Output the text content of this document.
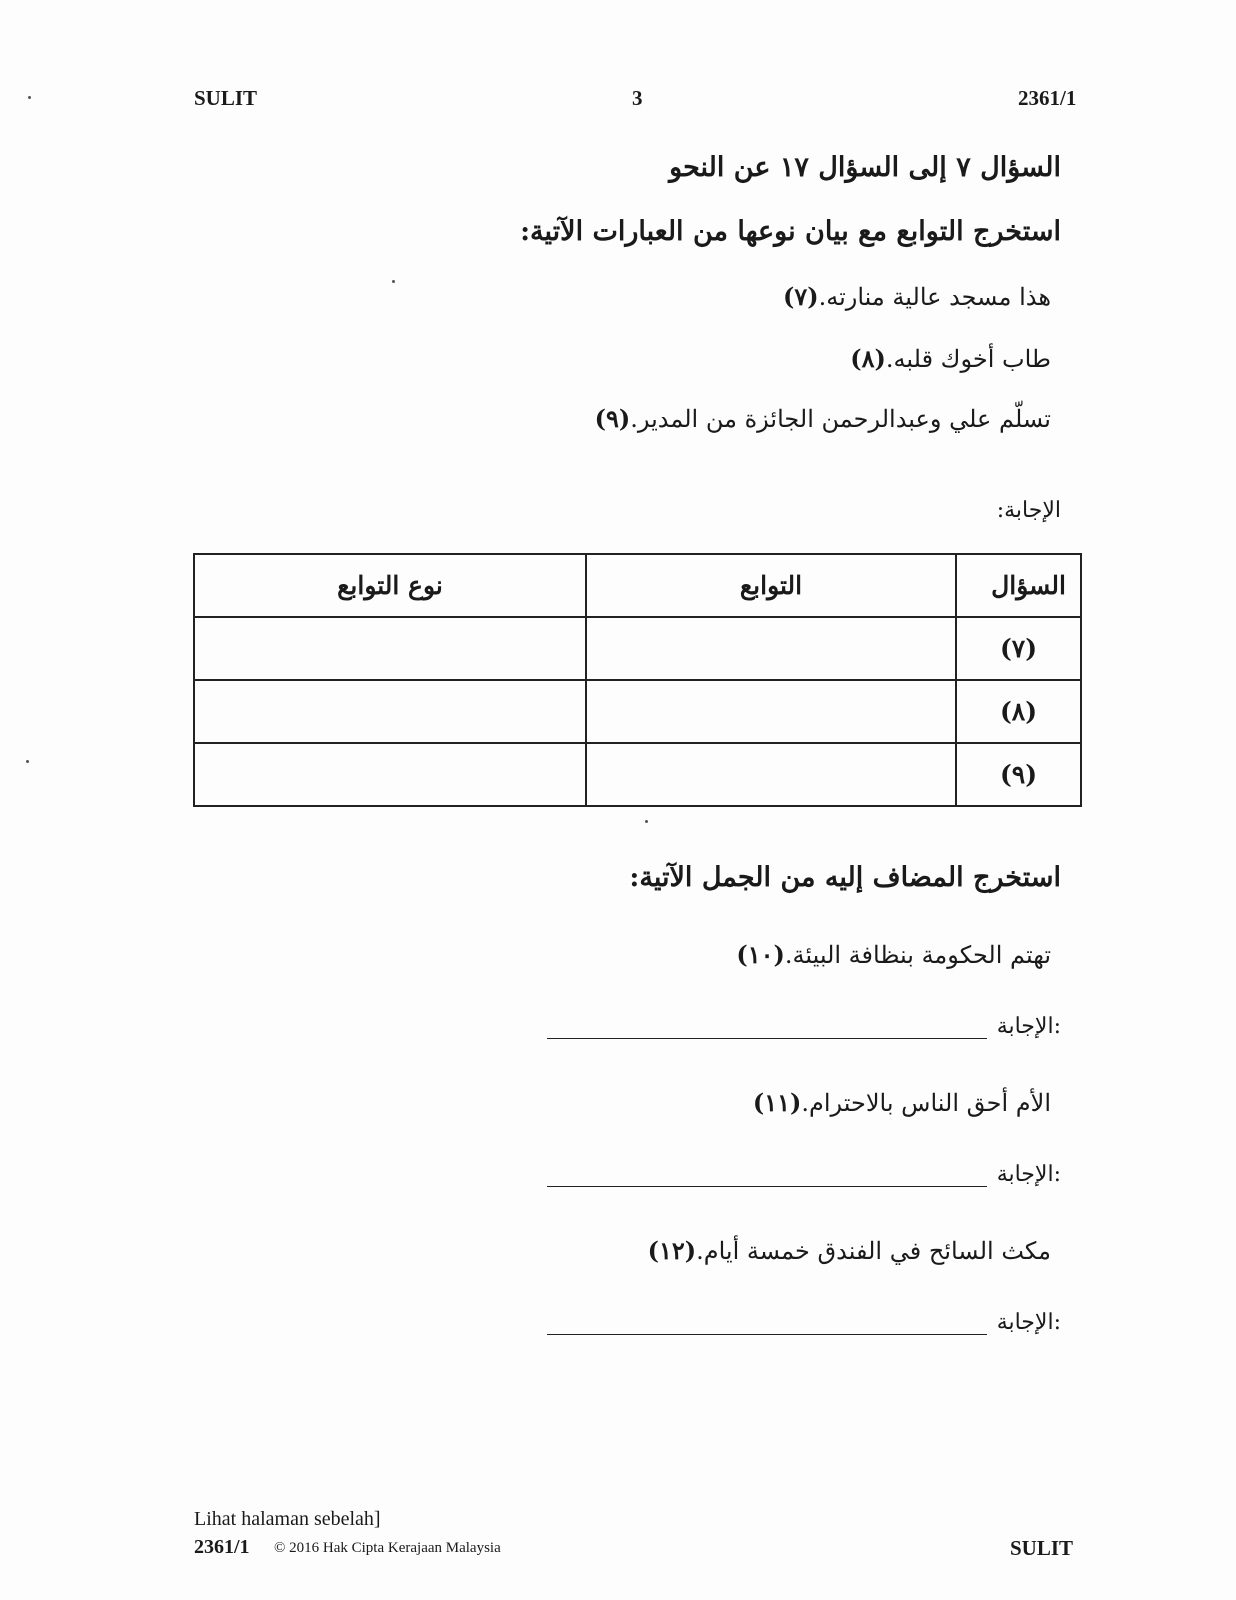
SULIT	3	2361/1
السؤال ٧ إلى السؤال ١٧ عن النحو
استخرج التوابع مع بيان نوعها من العبارات الآتية:
(٧) هذا مسجد عالية منارته.
(٨) طاب أخوك قلبه.
(٩) تسلّم علي وعبدالرحمن الجائزة من المدير.
الإجابة:
السؤال	التوابع	نوع التوابع
(٧)		
(٨)		
(٩)		
استخرج المضاف إليه من الجمل الآتية:
(١٠) تهتم الحكومة بنظافة البيئة.
الإجابة:
(١١) الأم أحق الناس بالاحترام.
الإجابة:
(١٢) مكث السائح في الفندق خمسة أيام.
الإجابة:
Lihat halaman sebelah]
2361/1 © 2016 Hak Cipta Kerajaan Malaysia	SULIT
